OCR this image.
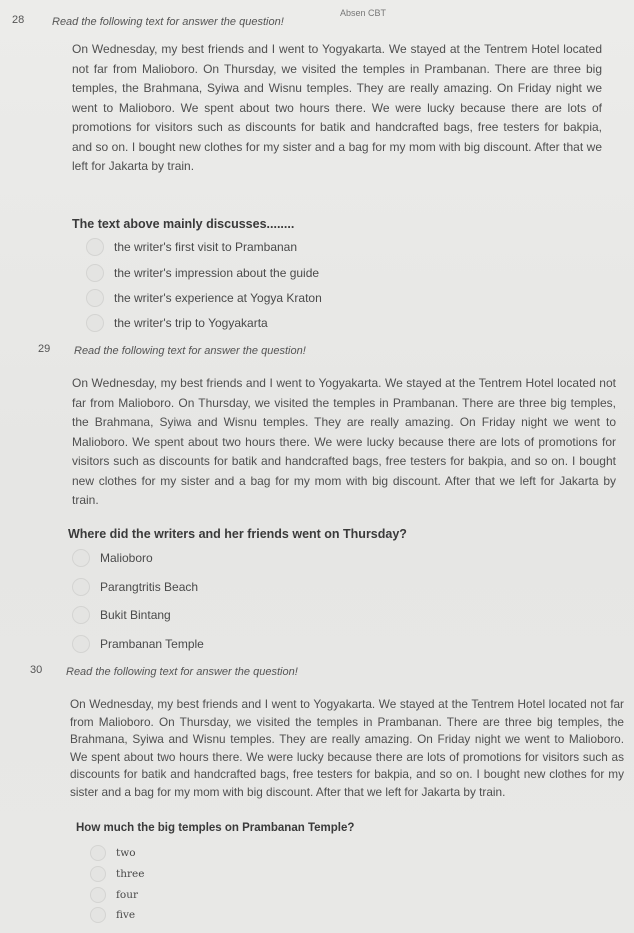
Absen CBT
28	Read the following text for answer the question!
On Wednesday, my best friends and I went to Yogyakarta. We stayed at the Tentrem Hotel located not far from Malioboro. On Thursday, we visited the temples in Prambanan. There are three big temples, the Brahmana, Syiwa and Wisnu temples. They are really amazing. On Friday night we went to Malioboro. We spent about two hours there. We were lucky because there are lots of promotions for visitors such as discounts for batik and handcrafted bags, free testers for bakpia, and so on. I bought new clothes for my sister and a bag for my mom with big discount. After that we left for Jakarta by train.
The text above mainly discusses........
the writer's first visit to Prambanan
the writer's impression about the guide
the writer's experience at Yogya Kraton
the writer's trip to Yogyakarta
29 Read the following text for answer the question!
On Wednesday, my best friends and I went to Yogyakarta. We stayed at the Tentrem Hotel located not far from Malioboro. On Thursday, we visited the temples in Prambanan. There are three big temples, the Brahmana, Syiwa and Wisnu temples. They are really amazing. On Friday night we went to Malioboro. We spent about two hours there. We were lucky because there are lots of promotions for visitors such as discounts for batik and handcrafted bags, free testers for bakpia, and so on. I bought new clothes for my sister and a bag for my mom with big discount. After that we left for Jakarta by train.
Where did the writers and her friends went on Thursday?
Malioboro
Parangtritis Beach
Bukit Bintang
Prambanan Temple
30 Read the following text for answer the question!
On Wednesday, my best friends and I went to Yogyakarta. We stayed at the Tentrem Hotel located not far from Malioboro. On Thursday, we visited the temples in Prambanan. There are three big temples, the Brahmana, Syiwa and Wisnu temples. They are really amazing. On Friday night we went to Malioboro. We spent about two hours there. We were lucky because there are lots of promotions for visitors such as discounts for batik and handcrafted bags, free testers for bakpia, and so on. I bought new clothes for my sister and a bag for my mom with big discount. After that we left for Jakarta by train.
How much the big temples on Prambanan Temple?
two
three
four
five
